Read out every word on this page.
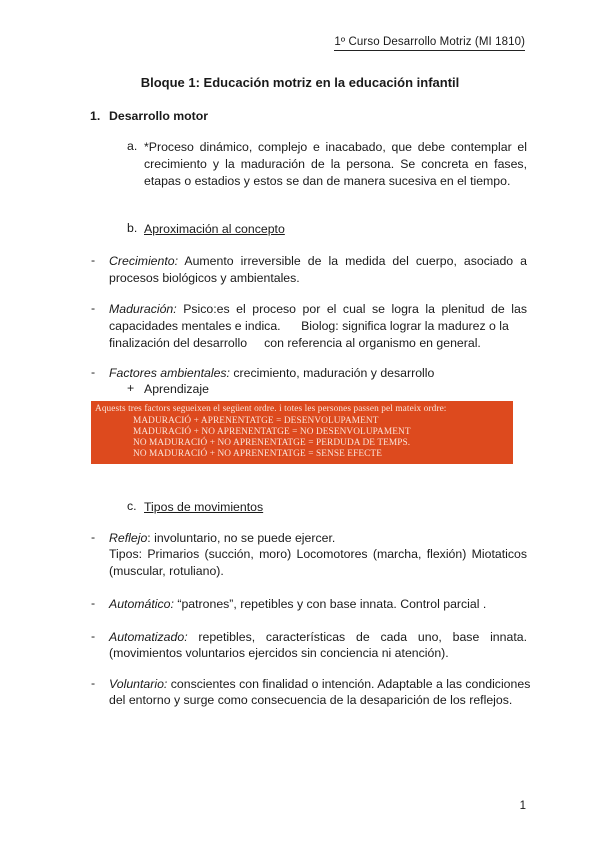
1º Curso Desarrollo Motriz (MI 1810)
Bloque 1: Educación motriz en la educación infantil
1. Desarrollo motor
a. *Proceso dinámico, complejo e inacabado, que debe contemplar el
crecimiento y la maduración de la persona. Se concreta en fases,
etapas o estadios y estos se dan de manera sucesiva en el tiempo.
b. Aproximación al concepto
- Crecimiento: Aumento irreversible de la medida del cuerpo, asociado a
procesos biológicos y ambientales.
- Maduración: Psico:es el proceso por el cual se logra la plenitud de las
capacidades mentales e indica.      Biolog: significa lograr la madurez o la
finalización del desarrollo     con referencia al organismo en general.
- Factores ambientales: crecimiento, maduración y desarrollo
+ Aprendizaje
Aquests tres factors segueixen el següent ordre. i totes les persones passen pel mateix ordre:
MADURACIÓ + APRENENTATGE = DESENVOLUPAMENT
MADURACIÓ + NO APRENENTATGE = NO DESENVOLUPAMENT
NO MADURACIÓ + NO APRENENTATGE = PERDUDA DE TEMPS.
NO MADURACIÓ + NO APRENENTATGE = SENSE EFECTE
c. Tipos de movimientos
- Reflejo: involuntario, no se puede ejercer.
Tipos: Primarios (succión, moro) Locomotores (marcha, flexión) Miotaticos
(muscular, rotuliano).
- Automático: “patrones”, repetibles y con base innata. Control parcial .
- Automatizado: repetibles, características de cada uno, base innata.
(movimientos voluntarios ejercidos sin conciencia ni atención).
- Voluntario: conscientes con finalidad o intención. Adaptable a las condiciones
del entorno y surge como consecuencia de la desaparición de los reflejos.
1
